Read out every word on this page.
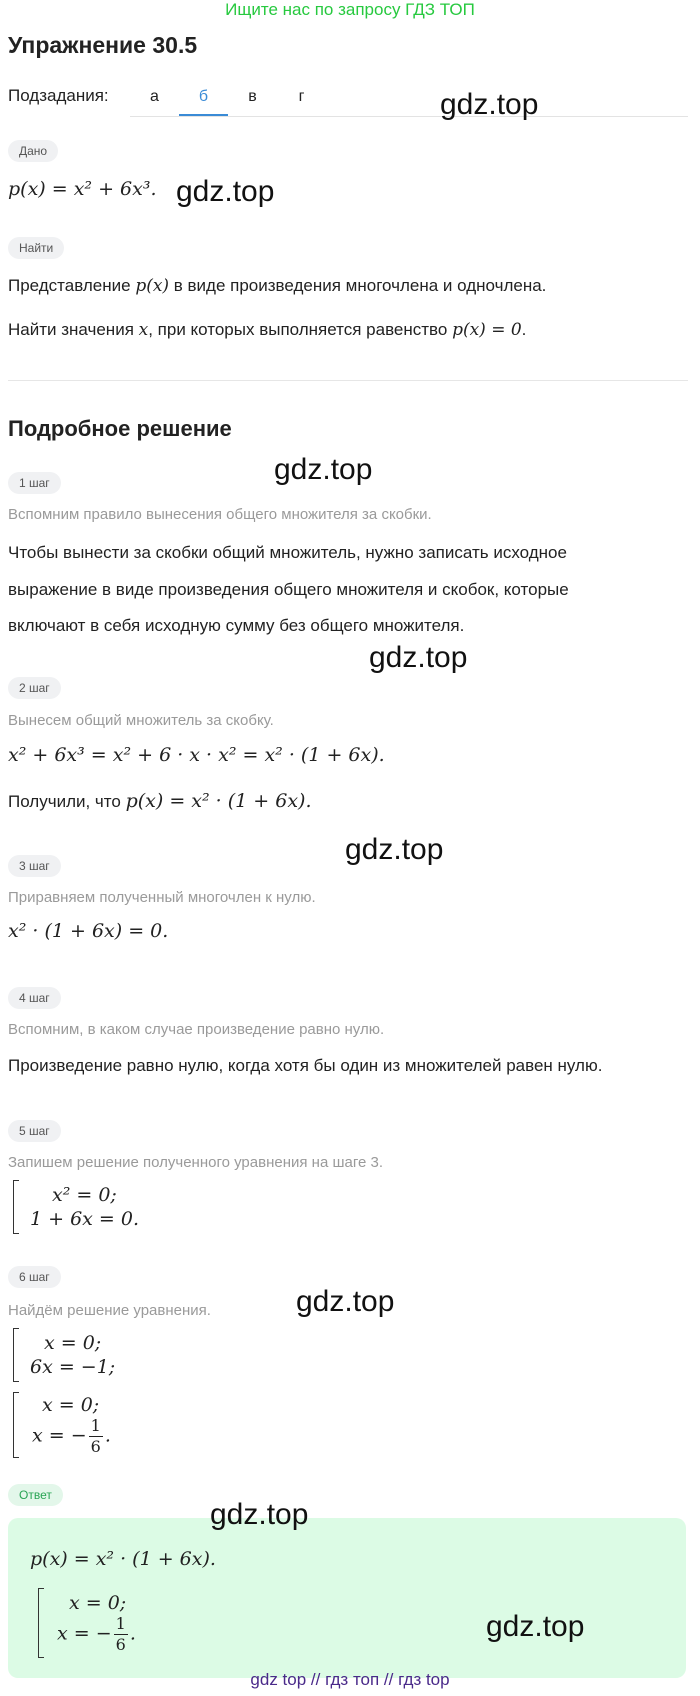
Ищите нас по запросу ГДЗ ТОП
Упражнение 30.5
Подзадания:	а	б	в	г	gdz.top
Дано
p(x) = x² + 6x³. gdz.top
Найти
Представление p(x) в виде произведения многочлена и одночлена.
Найти значения x, при которых выполняется равенство p(x) = 0.
Подробное решение
gdz.top
1 шаг
Вспомним правило вынесения общего множителя за скобки.
Чтобы вынести за скобки общий множитель, нужно записать исходное
выражение в виде произведения общего множителя и скобок, которые
включают в себя исходную сумму без общего множителя.
gdz.top
2 шаг
Вынесем общий множитель за скобку.
x² + 6x³ = x² + 6 · x · x² = x² · (1 + 6x).
Получили, что p(x) = x² · (1 + 6x).
gdz.top
3 шаг
Приравняем полученный многочлен к нулю.
x² · (1 + 6x) = 0.
4 шаг
Вспомним, в каком случае произведение равно нулю.
Произведение равно нулю, когда хотя бы один из множителей равен нулю.
5 шаг
Запишем решение полученного уравнения на шаге 3.
x² = 0;
1 + 6x = 0.
6 шаг
Найдём решение уравнения.	gdz.top
x = 0;
6x = −1;
x = 0;
x = − $\frac{1}{6}$ .
Ответ
gdz.top
p(x) = x² · (1 + 6x).
x = 0;
x = − $\frac{1}{6}$ .	gdz.top
gdz top // гдз топ // гдз top
